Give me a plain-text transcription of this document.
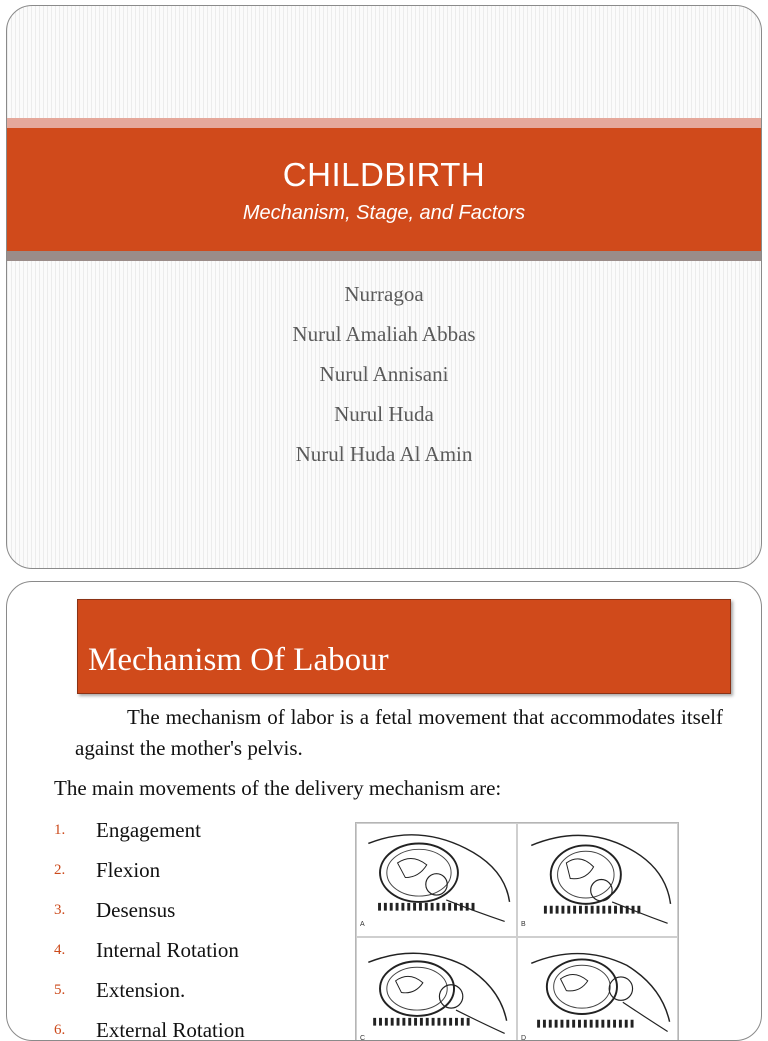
CHILDBIRTH
Mechanism, Stage, and Factors
Nurragoa
Nurul Amaliah Abbas
Nurul Annisani
Nurul Huda
Nurul Huda Al Amin
Mechanism Of Labour
The mechanism of labor is a fetal movement that accommodates itself against the mother's pelvis.
The main movements of the delivery mechanism are:
1. Engagement
2. Flexion
3. Desensus
4. Internal Rotation
5. Extension.
6. External Rotation
A	B
C	D
